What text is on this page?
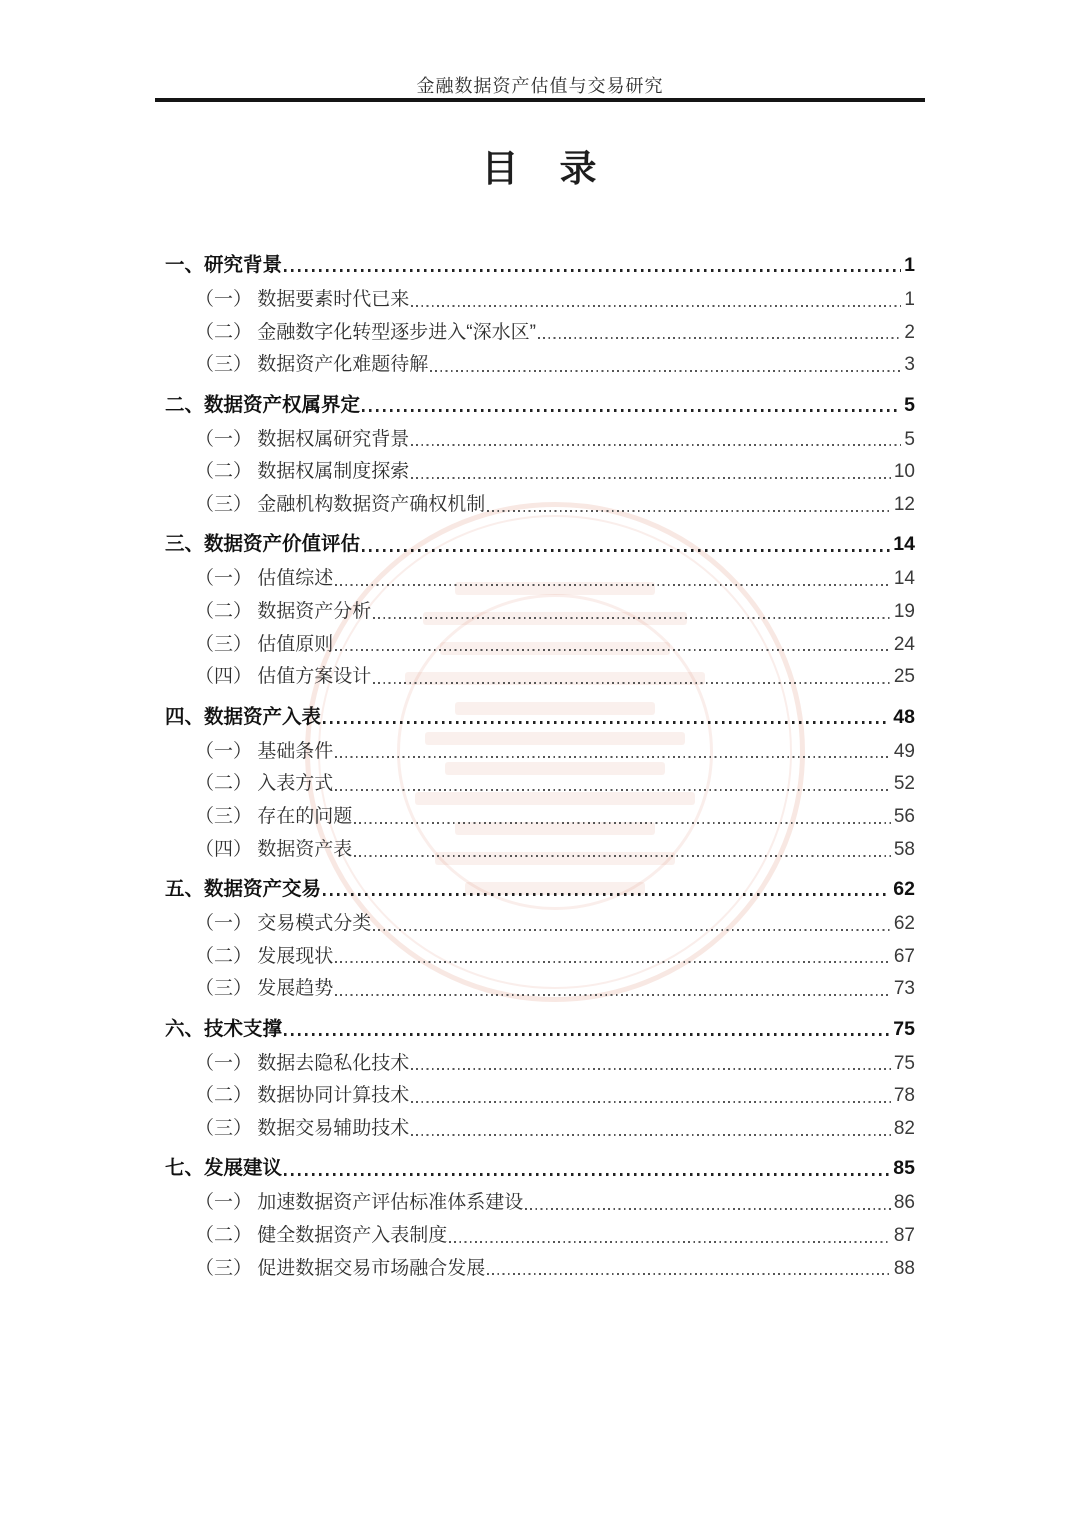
金融数据资产估值与交易研究
目　录
一、研究背景	1
（一） 数据要素时代已来	1
（二） 金融数字化转型逐步进入“深水区”	2
（三） 数据资产化难题待解	3
二、数据资产权属界定	5
（一） 数据权属研究背景	5
（二） 数据权属制度探索	10
（三） 金融机构数据资产确权机制	12
三、数据资产价值评估	14
（一） 估值综述	14
（二） 数据资产分析	19
（三） 估值原则	24
（四） 估值方案设计	25
四、数据资产入表	48
（一） 基础条件	49
（二） 入表方式	52
（三） 存在的问题	56
（四） 数据资产表	58
五、数据资产交易	62
（一） 交易模式分类	62
（二） 发展现状	67
（三） 发展趋势	73
六、技术支撑	75
（一） 数据去隐私化技术	75
（二） 数据协同计算技术	78
（三） 数据交易辅助技术	82
七、发展建议	85
（一） 加速数据资产评估标准体系建设	86
（二） 健全数据资产入表制度	87
（三） 促进数据交易市场融合发展	88
